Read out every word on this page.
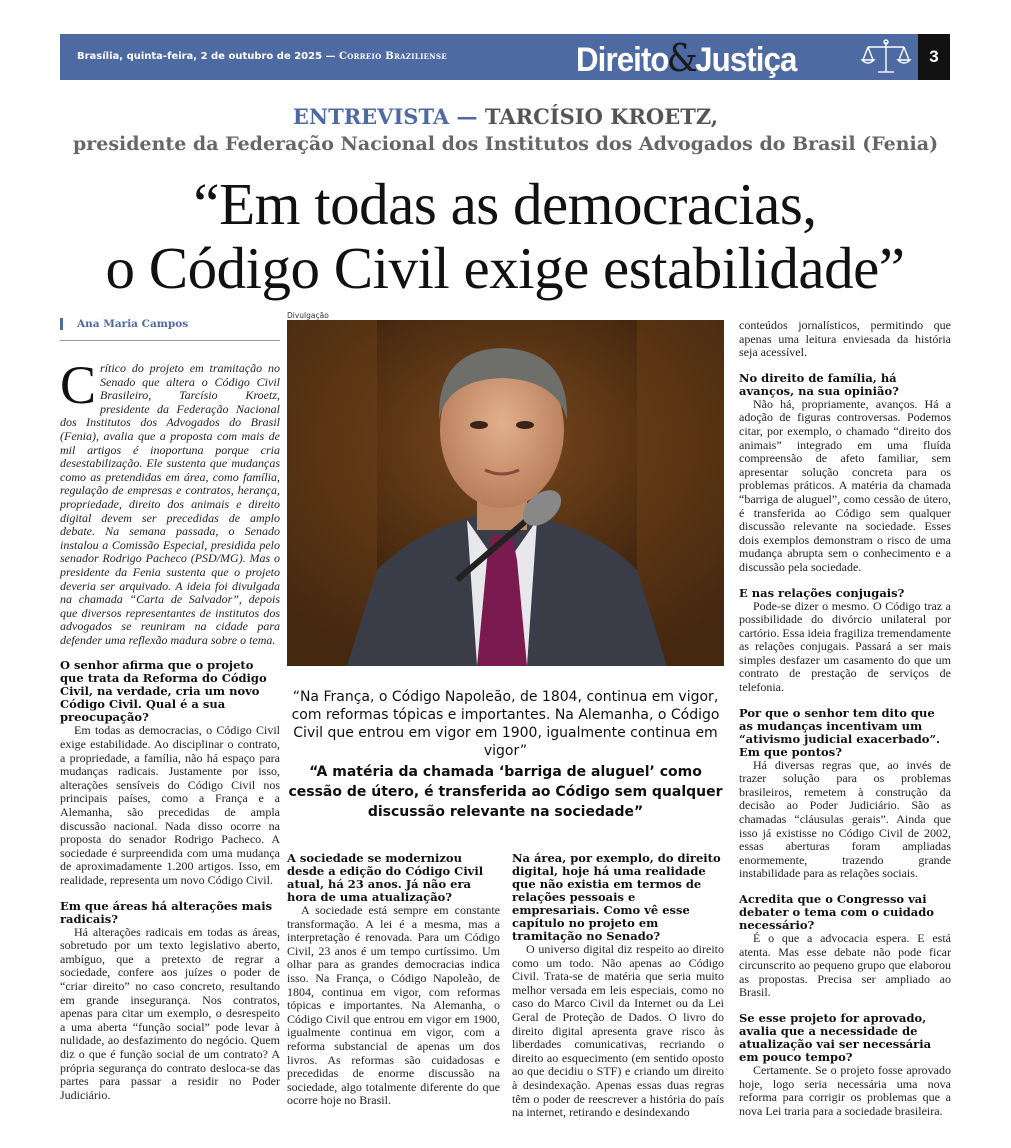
Brasília, quinta-feira, 2 de outubro de 2025 — Correio Braziliense	Direito&Justiça	3
ENTREVISTA — TARCÍSIO KROETZ,
presidente da Federação Nacional dos Institutos dos Advogados do Brasil (Fenia)
“Em todas as democracias,
o Código Civil exige estabilidade”
Ana Maria Campos

Crítico do projeto em tramitação no Senado que altera o Código Civil Brasileiro, Tarcísio Kroetz, presidente da Federação Nacional dos Institutos dos Advogados do Brasil (Fenia), avalia que a proposta com mais de mil artigos é inoportuna porque cria desestabilização. Ele sustenta que mudanças como as pretendidas em área, como família, regulação de empresas e contratos, herança, propriedade, direito dos animais e direito digital devem ser precedidas de amplo debate. Na semana passada, o Senado instalou a Comissão Especial, presidida pelo senador Rodrigo Pacheco (PSD/MG). Mas o presidente da Fenia sustenta que o projeto deveria ser arquivado. A ideia foi divulgada na chamada “Carta de Salvador”, depois que diversos representantes de institutos dos advogados se reuniram na cidade para defender uma reflexão madura sobre o tema.

O senhor afirma que o projeto que trata da Reforma do Código Civil, na verdade, cria um novo Código Civil. Qual é a sua preocupação?

Em todas as democracias, o Código Civil exige estabilidade. Ao disciplinar o contrato, a propriedade, a família, não há espaço para mudanças radicais. Justamente por isso, alterações sensíveis do Código Civil nos principais países, como a França e a Alemanha, são precedidas de ampla discussão nacional. Nada disso ocorre na proposta do senador Rodrigo Pacheco. A sociedade é surpreendida com uma mudança de aproximadamente 1.200 artigos. Isso, em realidade, representa um novo Código Civil.

Em que áreas há alterações mais radicais?

Há alterações radicais em todas as áreas, sobretudo por um texto legislativo aberto, ambíguo, que a pretexto de regrar a sociedade, confere aos juízes o poder de “criar direito” no caso concreto, resultando em grande insegurança. Nos contratos, apenas para citar um exemplo, o desrespeito a uma aberta “função social” pode levar à nulidade, ao desfazimento do negócio. Quem diz o que é função social de um contrato? A própria segurança do contrato desloca-se das partes para passar a residir no Poder Judiciário.

Divulgação
“Na França, o Código Napoleão, de 1804, continua em vigor, com reformas tópicas e importantes. Na Alemanha, o Código Civil que entrou em vigor em 1900, igualmente continua em vigor”
“A matéria da chamada ‘barriga de aluguel’ como cessão de útero, é transferida ao Código sem qualquer discussão relevante na sociedade”
A sociedade se modernizou desde a edição do Código Civil atual, há 23 anos. Já não era hora de uma atualização?

A sociedade está sempre em constante transformação. A lei é a mesma, mas a interpretação é renovada. Para um Código Civil, 23 anos é um tempo curtíssimo. Um olhar para as grandes democracias indica isso. Na França, o Código Napoleão, de 1804, continua em vigor, com reformas tópicas e importantes. Na Alemanha, o Código Civil que entrou em vigor em 1900, igualmente continua em vigor, com a reforma substancial de apenas um dos livros. As reformas são cuidadosas e precedidas de enorme discussão na sociedade, algo totalmente diferente do que ocorre hoje no Brasil.

Na área, por exemplo, do direito digital, hoje há uma realidade que não existia em termos de relações pessoais e empresariais. Como vê esse capítulo no projeto em tramitação no Senado?

O universo digital diz respeito ao direito como um todo. Não apenas ao Código Civil. Trata-se de matéria que seria muito melhor versada em leis especiais, como no caso do Marco Civil da Internet ou da Lei Geral de Proteção de Dados. O livro do direito digital apresenta grave risco às liberdades comunicativas, recriando o direito ao esquecimento (em sentido oposto ao que decidiu o STF) e criando um direito à desindexação. Apenas essas duas regras têm o poder de reescrever a história do país na internet, retirando e desindexando

conteúdos jornalísticos, permitindo que apenas uma leitura enviesada da história seja acessível.

No direito de família, há avanços, na sua opinião?

Não há, propriamente, avanços. Há a adoção de figuras controversas. Podemos citar, por exemplo, o chamado “direito dos animais” integrado em uma fluída compreensão de afeto familiar, sem apresentar solução concreta para os problemas práticos. A matéria da chamada “barriga de aluguel”, como cessão de útero, é transferida ao Código sem qualquer discussão relevante na sociedade. Esses dois exemplos demonstram o risco de uma mudança abrupta sem o conhecimento e a discussão pela sociedade.

E nas relações conjugais?

Pode-se dizer o mesmo. O Código traz a possibilidade do divórcio unilateral por cartório. Essa ideia fragiliza tremendamente as relações conjugais. Passará a ser mais simples desfazer um casamento do que um contrato de prestação de serviços de telefonia.

Por que o senhor tem dito que as mudanças incentivam um “ativismo judicial exacerbado”. Em que pontos?

Há diversas regras que, ao invés de trazer solução para os problemas brasileiros, remetem à construção da decisão ao Poder Judiciário. São as chamadas “cláusulas gerais”. Ainda que isso já existisse no Código Civil de 2002, essas aberturas foram ampliadas enormemente, trazendo grande instabilidade para as relações sociais.

Acredita que o Congresso vai debater o tema com o cuidado necessário?

É o que a advocacia espera. E está atenta. Mas esse debate não pode ficar circunscrito ao pequeno grupo que elaborou as propostas. Precisa ser ampliado ao Brasil.

Se esse projeto for aprovado, avalia que a necessidade de atualização vai ser necessária em pouco tempo?

Certamente. Se o projeto fosse aprovado hoje, logo seria necessária uma nova reforma para corrigir os problemas que a nova Lei traria para a sociedade brasileira.
